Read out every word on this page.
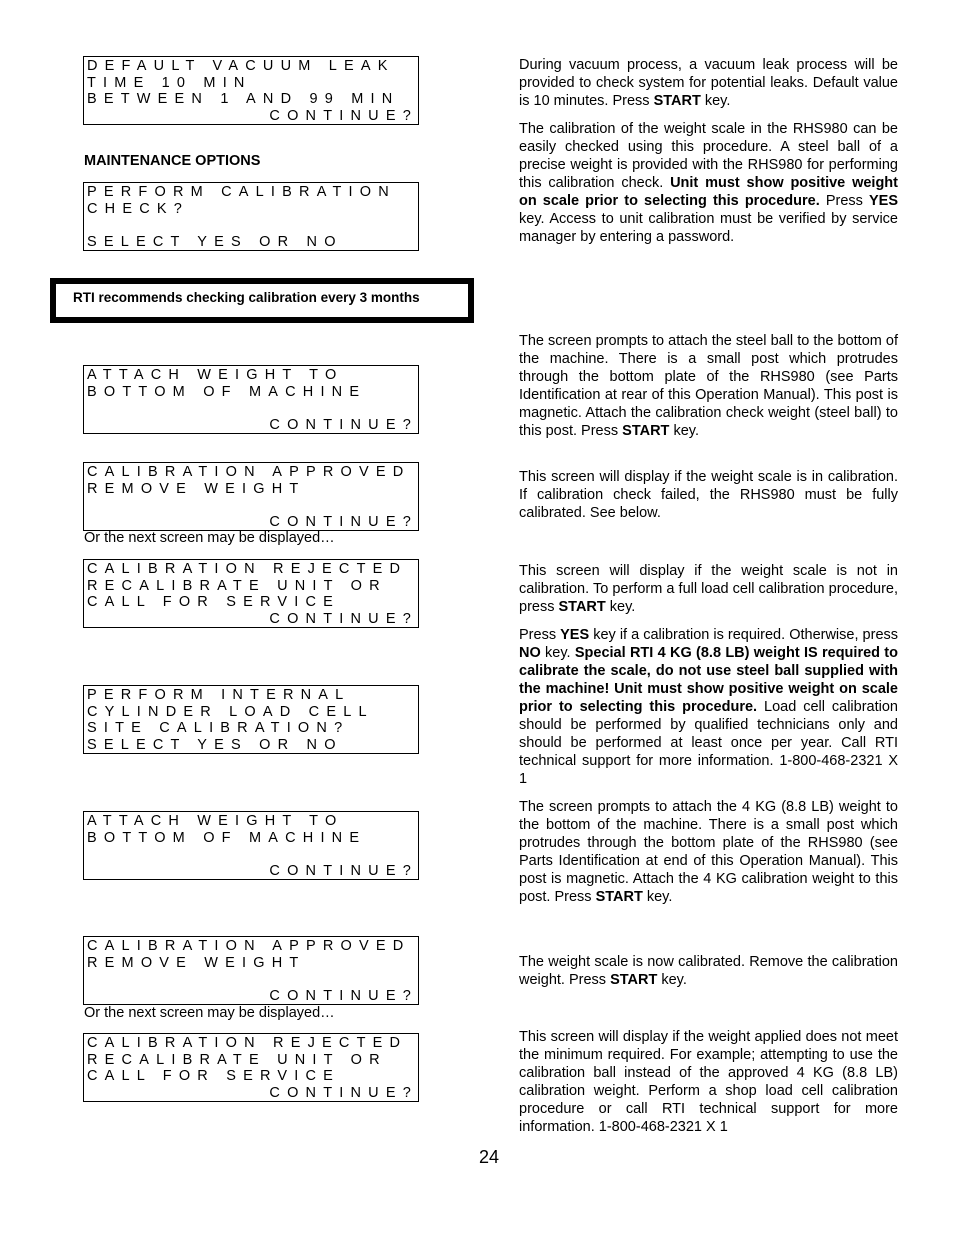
DEFAULT VACUUM LEAK
TIME 10 MIN
BETWEEN 1 AND 99 MIN
CONTINUE?
MAINTENANCE OPTIONS
PERFORM CALIBRATION
CHECK?
SELECT YES OR NO
RTI recommends checking calibration every 3 months
ATTACH WEIGHT TO
BOTTOM OF MACHINE
CONTINUE?
CALIBRATION APPROVED
REMOVE WEIGHT
CONTINUE?
Or the next screen may be displayed…
CALIBRATION REJECTED
RECALIBRATE UNIT OR
CALL FOR SERVICE
CONTINUE?
PERFORM INTERNAL
CYLINDER LOAD CELL
SITE CALIBRATION?
SELECT YES OR NO
ATTACH WEIGHT TO
BOTTOM OF MACHINE
CONTINUE?
CALIBRATION APPROVED
REMOVE WEIGHT
CONTINUE?
Or the next screen may be displayed…
CALIBRATION REJECTED
RECALIBRATE UNIT OR
CALL FOR SERVICE
CONTINUE?
During vacuum process, a vacuum leak process will be provided to check system for potential leaks. Default value is 10 minutes. Press START key.
The calibration of the weight scale in the RHS980 can be easily checked using this procedure. A steel ball of a precise weight is provided with the RHS980 for performing this calibration check. Unit must show positive weight on scale prior to selecting this procedure. Press YES key. Access to unit calibration must be verified by service manager by entering a password.
The screen prompts to attach the steel ball to the bottom of the machine. There is a small post which protrudes through the bottom plate of the RHS980 (see Parts Identification at rear of this Operation Manual). This post is magnetic. Attach the calibration check weight (steel ball) to this post. Press START key.
This screen will display if the weight scale is in calibration. If calibration check failed, the RHS980 must be fully calibrated. See below.
This screen will display if the weight scale is not in calibration. To perform a full load cell calibration procedure, press START key.
Press YES key if a calibration is required. Otherwise, press NO key. Special RTI 4 KG (8.8 LB) weight IS required to calibrate the scale, do not use steel ball supplied with the machine! Unit must show positive weight on scale prior to selecting this procedure. Load cell calibration should be performed by qualified technicians only and should be performed at least once per year. Call RTI technical support for more information. 1-800-468-2321 X 1
The screen prompts to attach the 4 KG (8.8 LB) weight to the bottom of the machine. There is a small post which protrudes through the bottom plate of the RHS980 (see Parts Identification at end of this Operation Manual). This post is magnetic. Attach the 4 KG calibration weight to this post. Press START key.
The weight scale is now calibrated. Remove the calibration weight. Press START key.
This screen will display if the weight applied does not meet the minimum required. For example; attempting to use the calibration ball instead of the approved 4 KG (8.8 LB) calibration weight. Perform a shop load cell calibration procedure or call RTI technical support for more information. 1-800-468-2321 X 1
24
